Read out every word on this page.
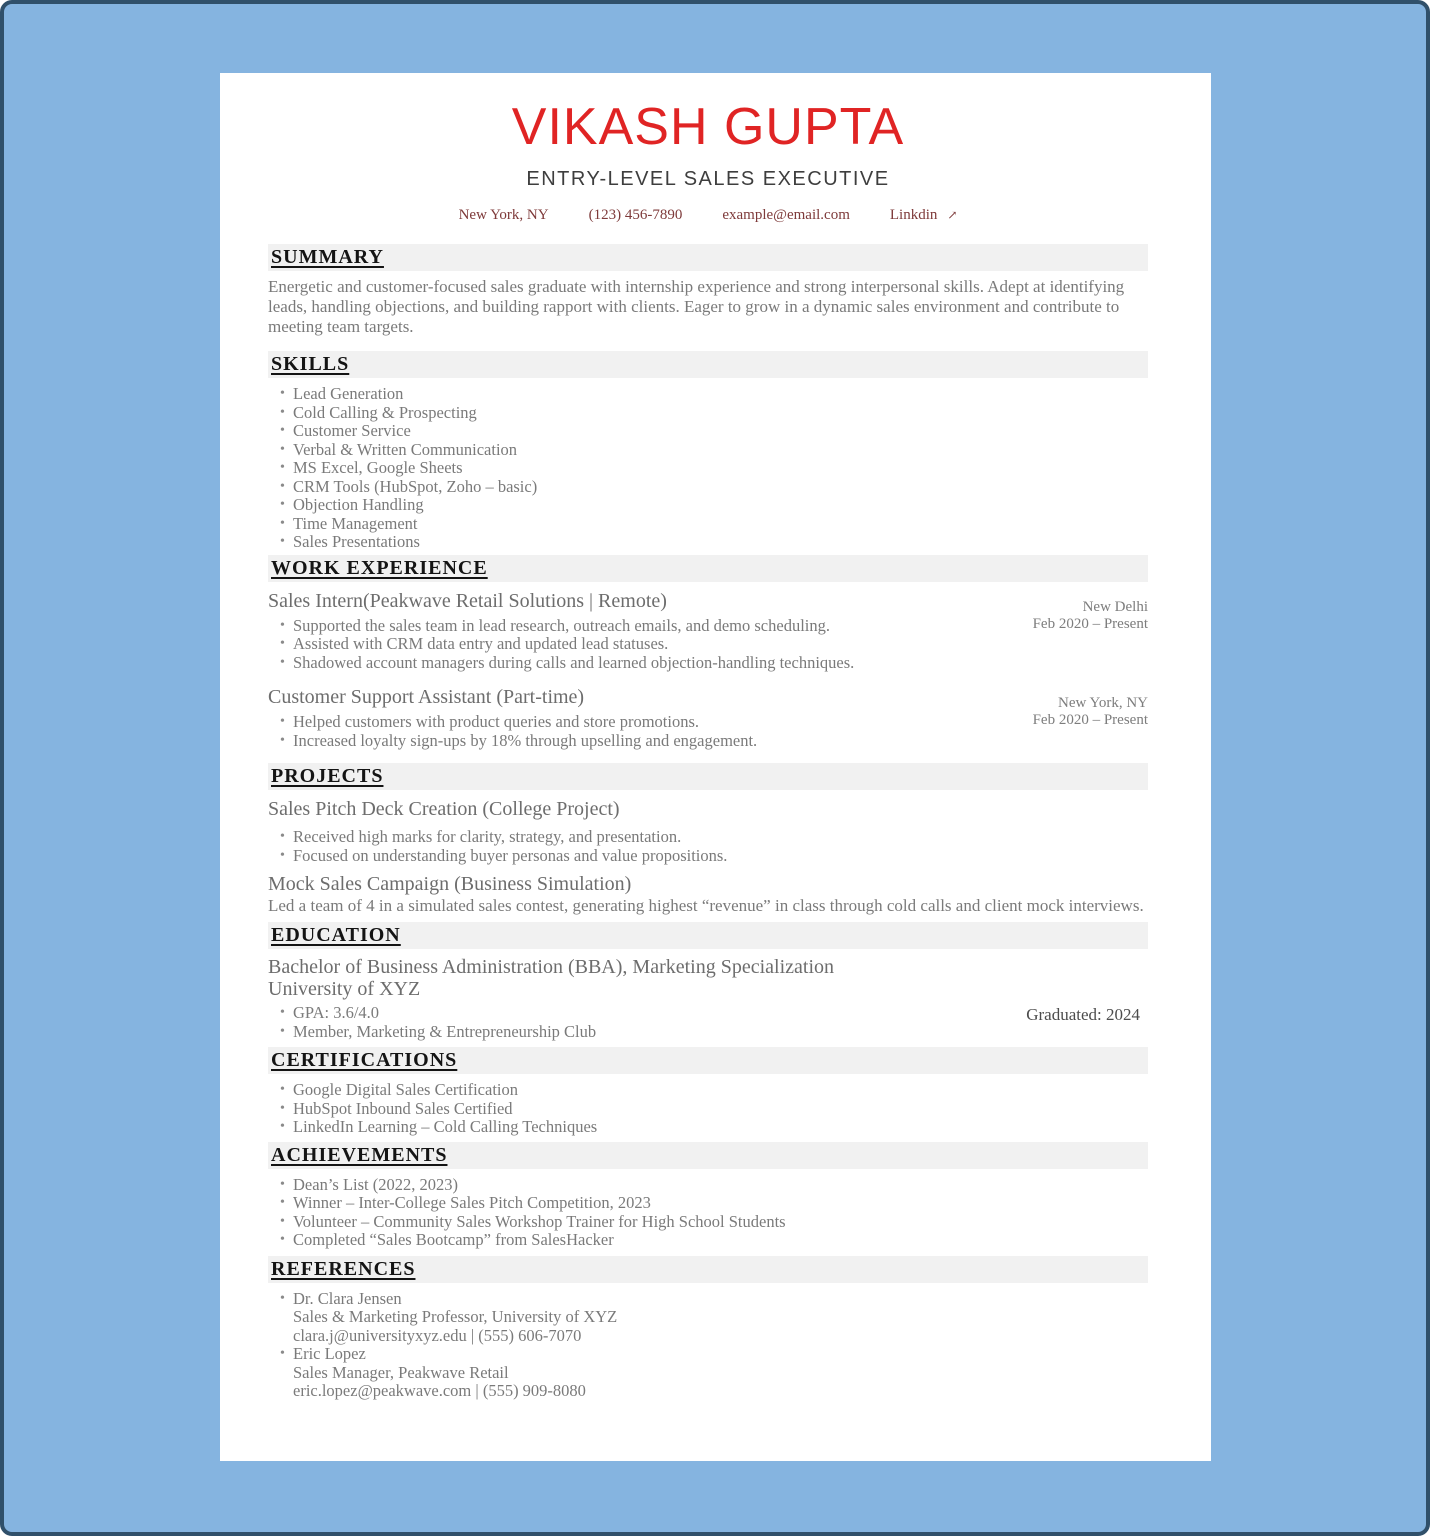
VIKASH GUPTA
ENTRY-LEVEL SALES EXECUTIVE
New York, NY	(123) 456-7890	example@email.com	Linkdin ↗
SUMMARY

Energetic and customer-focused sales graduate with internship experience and strong interpersonal skills. Adept at identifying leads, handling objections, and building rapport with clients. Eager to grow in a dynamic sales environment and contribute to meeting team targets.

SKILLS
• Lead Generation
• Cold Calling & Prospecting
• Customer Service
• Verbal & Written Communication
• MS Excel, Google Sheets
• CRM Tools (HubSpot, Zoho – basic)
• Objection Handling
• Time Management
• Sales Presentations
WORK EXPERIENCE
Sales Intern(Peakwave Retail Solutions | Remote)	New Delhi
Feb 2020 – Present
• Supported the sales team in lead research, outreach emails, and demo scheduling.
• Assisted with CRM data entry and updated lead statuses.
• Shadowed account managers during calls and learned objection-handling techniques.
Customer Support Assistant (Part-time)	New York, NY
Feb 2020 – Present
• Helped customers with product queries and store promotions.
• Increased loyalty sign-ups by 18% through upselling and engagement.
PROJECTS
Sales Pitch Deck Creation (College Project)
• Received high marks for clarity, strategy, and presentation.
• Focused on understanding buyer personas and value propositions.
Mock Sales Campaign (Business Simulation)

Led a team of 4 in a simulated sales contest, generating highest “revenue” in class through cold calls and client mock interviews.

EDUCATION
Bachelor of Business Administration (BBA), Marketing Specialization
University of XYZ
• GPA: 3.6/4.0
• Member, Marketing & Entrepreneurship Club
Graduated: 2024
CERTIFICATIONS
• Google Digital Sales Certification
• HubSpot Inbound Sales Certified
• LinkedIn Learning – Cold Calling Techniques
ACHIEVEMENTS
• Dean’s List (2022, 2023)
• Winner – Inter-College Sales Pitch Competition, 2023
• Volunteer – Community Sales Workshop Trainer for High School Students
• Completed “Sales Bootcamp” from SalesHacker
REFERENCES
• Dr. Clara Jensen
Sales & Marketing Professor, University of XYZ
clara.j@universityxyz.edu | (555) 606-7070
• Eric Lopez
Sales Manager, Peakwave Retail
eric.lopez@peakwave.com | (555) 909-8080
